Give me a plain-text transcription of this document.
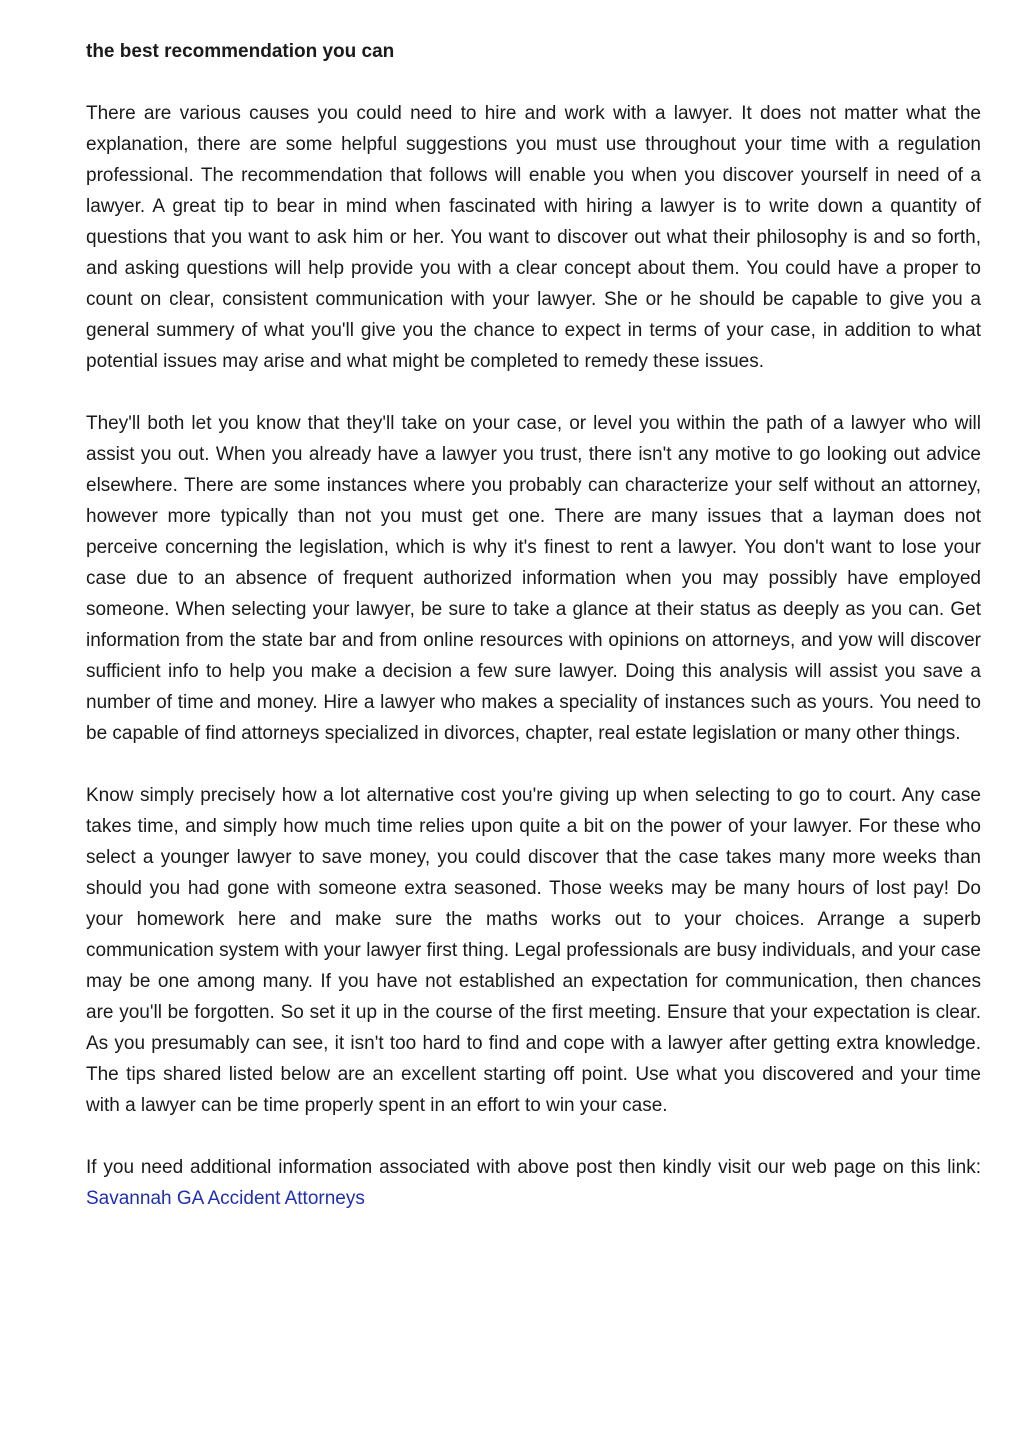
the best recommendation you can

There are various causes you could need to hire and work with a lawyer. It does not matter what the explanation, there are some helpful suggestions you must use throughout your time with a regulation professional. The recommendation that follows will enable you when you discover yourself in need of a lawyer. A great tip to bear in mind when fascinated with hiring a lawyer is to write down a quantity of questions that you want to ask him or her. You want to discover out what their philosophy is and so forth, and asking questions will help provide you with a clear concept about them. You could have a proper to count on clear, consistent communication with your lawyer. She or he should be capable to give you a general summery of what you'll give you the chance to expect in terms of your case, in addition to what potential issues may arise and what might be completed to remedy these issues.

They'll both let you know that they'll take on your case, or level you within the path of a lawyer who will assist you out. When you already have a lawyer you trust, there isn't any motive to go looking out advice elsewhere. There are some instances where you probably can characterize your self without an attorney, however more typically than not you must get one. There are many issues that a layman does not perceive concerning the legislation, which is why it's finest to rent a lawyer. You don't want to lose your case due to an absence of frequent authorized information when you may possibly have employed someone. When selecting your lawyer, be sure to take a glance at their status as deeply as you can. Get information from the state bar and from online resources with opinions on attorneys, and yow will discover sufficient info to help you make a decision a few sure lawyer. Doing this analysis will assist you save a number of time and money. Hire a lawyer who makes a speciality of instances such as yours. You need to be capable of find attorneys specialized in divorces, chapter, real estate legislation or many other things.

Know simply precisely how a lot alternative cost you're giving up when selecting to go to court. Any case takes time, and simply how much time relies upon quite a bit on the power of your lawyer. For these who select a younger lawyer to save money, you could discover that the case takes many more weeks than should you had gone with someone extra seasoned. Those weeks may be many hours of lost pay! Do your homework here and make sure the maths works out to your choices. Arrange a superb communication system with your lawyer first thing. Legal professionals are busy individuals, and your case may be one among many. If you have not established an expectation for communication, then chances are you'll be forgotten. So set it up in the course of the first meeting. Ensure that your expectation is clear. As you presumably can see, it isn't too hard to find and cope with a lawyer after getting extra knowledge. The tips shared listed below are an excellent starting off point. Use what you discovered and your time with a lawyer can be time properly spent in an effort to win your case.

If you need additional information associated with above post then kindly visit our web page on this link: Savannah GA Accident Attorneys
